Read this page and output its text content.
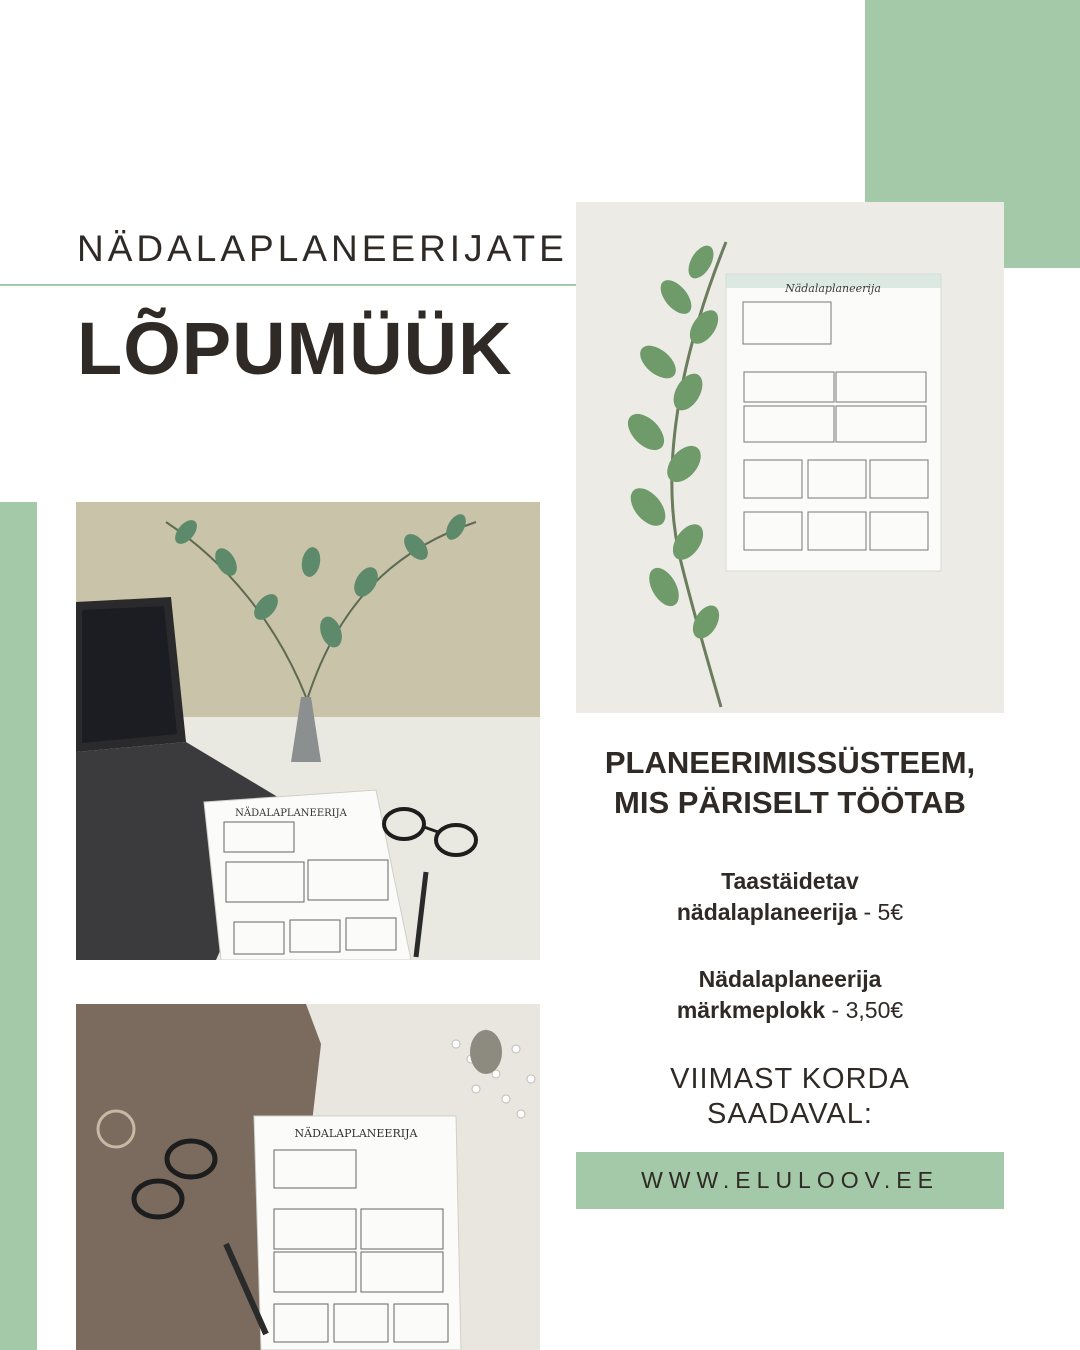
NÄDALAPLANEERIJATE
LÕPUMÜÜK
Nädalaplaneerija
NÄDALAPLANEERIJA
NÄDALAPLANEERIJA
PLANEERIMISSÜSTEEM,
MIS PÄRISELT TÖÖTAB
Taastäidetav
nädalaplaneerija - 5€
Nädalaplaneerija
märkmeplokk - 3,50€
VIIMAST KORDA
SAADAVAL:
WWW.ELULOOV.EE
